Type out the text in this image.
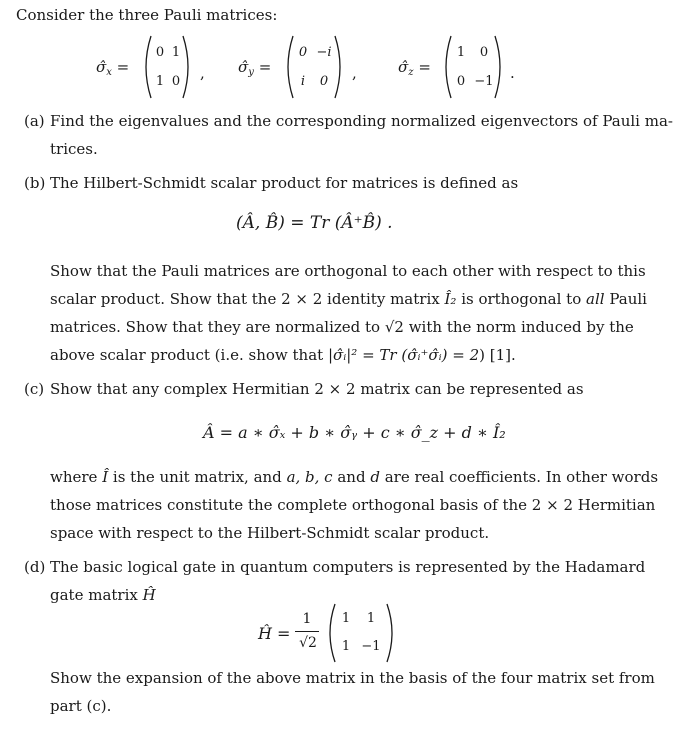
Consider the three Pauli matrices:
$\sigmâ_x$ =
0 1
1 0 , $\sigmâ_y$ =
0 −i
i	0	,	$\sigmâ_z$ =
1	0
0 −1 .
(a) Find the eigenvalues and the corresponding normalized eigenvectors of Pauli ma-
trices.
(b) The Hilbert-Schmidt scalar product for matrices is defined as
(Â, B̂) = Tr (Â⁺B̂) .
Show that the Pauli matrices are orthogonal to each other with respect to this
scalar product. Show that the 2 × 2 identity matrix Î₂ is orthogonal to all Pauli
matrices. Show that they are normalized to √2 with the norm induced by the
above scalar product (i.e. show that |σ̂ᵢ|² = Tr (σ̂ᵢ⁺σ̂ᵢ) = 2) [1].
(c) Show that any complex Hermitian 2 × 2 matrix can be represented as
Â = a ∗ σ̂ₓ + b ∗ σ̂ᵧ + c ∗ σ̂_z + d ∗ Î₂
where Î is the unit matrix, and a, b, c and d are real coefficients. In other words
those matrices constitute the complete orthogonal basis of the 2 × 2 Hermitian
space with respect to the Hilbert-Schmidt scalar product.
(d) The basic logical gate in quantum computers is represented by the Hadamard
gate matrix Ĥ
Ĥ =
1
√2
1	1
1 −1
Show the expansion of the above matrix in the basis of the four matrix set from
part (c).
